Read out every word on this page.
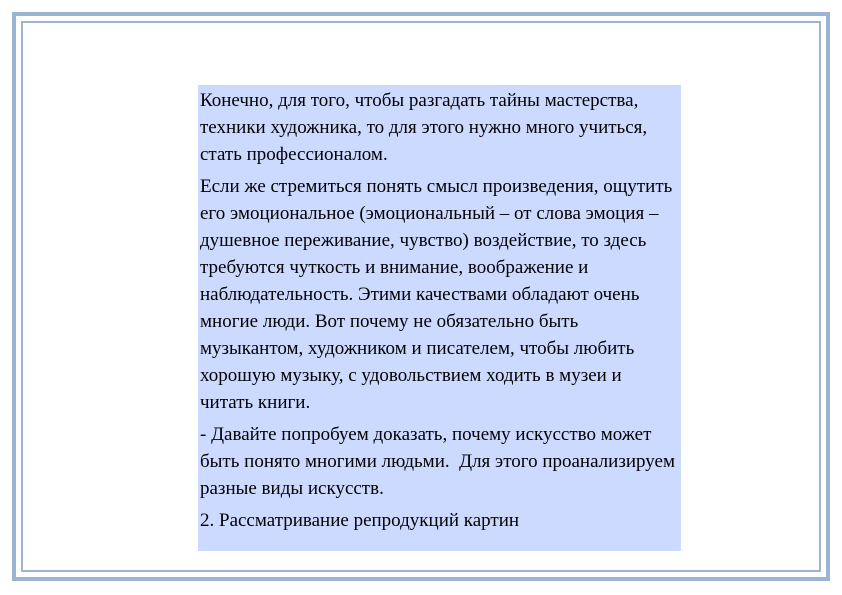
Конечно, для того, чтобы разгадать тайны мастерства, техники художника, то для этого нужно много учиться, стать профессионалом.

Если же стремиться понять смысл произведения, ощутить его эмоциональное (эмоциональный – от слова эмоция – душевное переживание, чувство) воздействие, то здесь требуются чуткость и внимание, воображение и наблюдательность. Этими качествами обладают очень многие люди. Вот почему не обязательно быть музыкантом, художником и писателем, чтобы любить хорошую музыку, с удовольствием ходить в музеи и читать книги.

- Давайте попробуем доказать, почему искусство может быть понято многими людьми.  Для этого проанализируем разные виды искусств.

2. Рассматривание репродукций картин
